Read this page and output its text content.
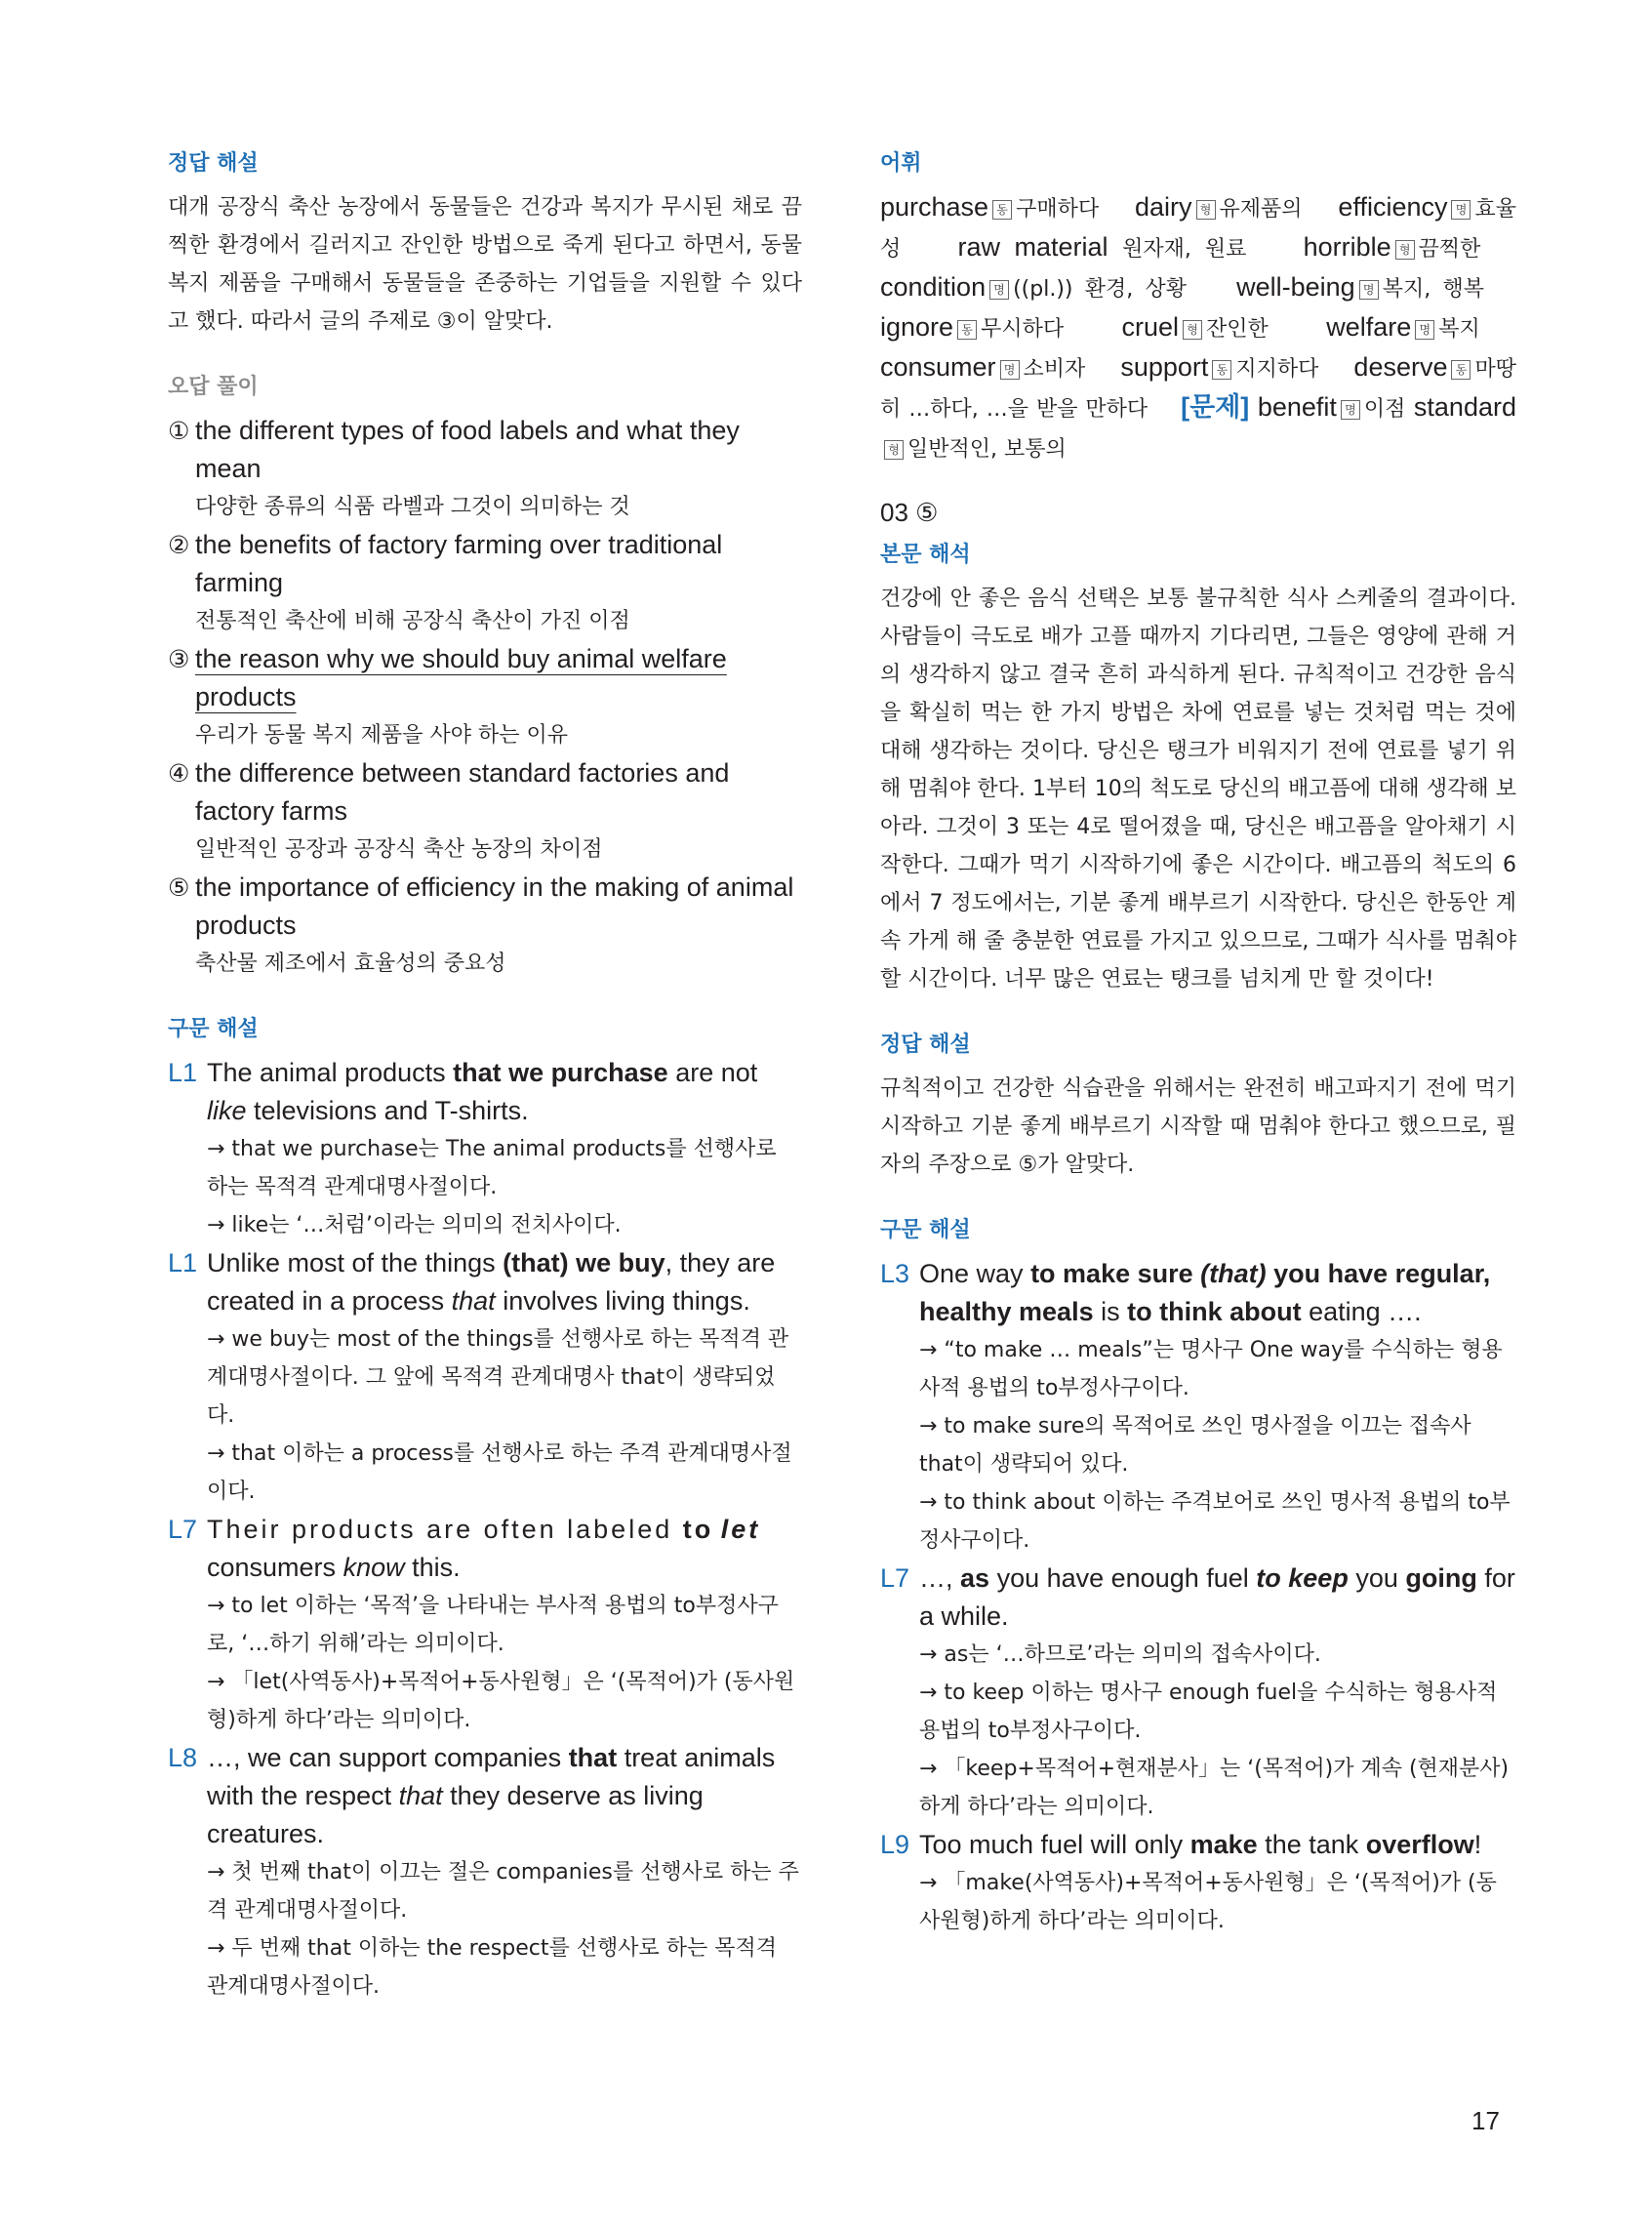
정답 해설
대개 공장식 축산 농장에서 동물들은 건강과 복지가 무시된 채로 끔찍한 환경에서 길러지고 잔인한 방법으로 죽게 된다고 하면서, 동물 복지 제품을 구매해서 동물들을 존중하는 기업들을 지원할 수 있다고 했다. 따라서 글의 주제로 ③이 알맞다.
오답 풀이
① the different types of food labels and what they mean
다양한 종류의 식품 라벨과 그것이 의미하는 것
② the benefits of factory farming over traditional farming
전통적인 축산에 비해 공장식 축산이 가진 이점
③ the reason why we should buy animal welfare products
우리가 동물 복지 제품을 사야 하는 이유
④ the difference between standard factories and factory farms
일반적인 공장과 공장식 축산 농장의 차이점
⑤ the importance of efficiency in the making of animal products
축산물 제조에서 효율성의 중요성
구문 해설
L1 The animal products that we purchase are not like televisions and T-shirts.
→ that we purchase는 The animal products를 선행사로 하는 목적격 관계대명사절이다.
→ like는 ‘…처럼’이라는 의미의 전치사이다.
L1 Unlike most of the things (that) we buy, they are created in a process that involves living things.
→ we buy는 most of the things를 선행사로 하는 목적격 관계대명사절이다. 그 앞에 목적격 관계대명사 that이 생략되었다.
→ that 이하는 a process를 선행사로 하는 주격 관계대명사절이다.
L7 Their products are often labeled to let consumers know this.
→ to let 이하는 ‘목적’을 나타내는 부사적 용법의 to부정사구로, ‘…하기 위해’라는 의미이다.
→ 「let(사역동사)+목적어+동사원형」은 ‘(목적어)가 (동사원형)하게 하다’라는 의미이다.
L8 …, we can support companies that treat animals with the respect that they deserve as living creatures.
→ 첫 번째 that이 이끄는 절은 companies를 선행사로 하는 주격 관계대명사절이다.
→ 두 번째 that 이하는 the respect를 선행사로 하는 목적격 관계대명사절이다.
어휘
purchase 동 구매하다 dairy 형 유제품의 efficiency 명 효율성 raw material 원자재, 원료 horrible 형 끔찍한    condition 명 ((pl.)) 환경, 상황 well-being 명 복지, 행복    ignore 동 무시하다 cruel 형 잔인한 welfare 명 복지    consumer 명 소비자 support 동 지지하다 deserve 동 마땅히 …하다, …을 받을 만하다 [문제] benefit 명 이점 standard형 일반적인, 보통의
03 ⑤
본문 해석
건강에 안 좋은 음식 선택은 보통 불규칙한 식사 스케줄의 결과이다. 사람들이 극도로 배가 고플 때까지 기다리면, 그들은 영양에 관해 거의 생각하지 않고 결국 흔히 과식하게 된다. 규칙적이고 건강한 음식을 확실히 먹는 한 가지 방법은 차에 연료를 넣는 것처럼 먹는 것에 대해 생각하는 것이다. 당신은 탱크가 비워지기 전에 연료를 넣기 위해 멈춰야 한다. 1부터 10의 척도로 당신의 배고픔에 대해 생각해 보아라. 그것이 3 또는 4로 떨어졌을 때, 당신은 배고픔을 알아채기 시작한다. 그때가 먹기 시작하기에 좋은 시간이다. 배고픔의 척도의 6에서 7 정도에서는, 기분 좋게 배부르기 시작한다. 당신은 한동안 계속 가게 해 줄 충분한 연료를 가지고 있으므로, 그때가 식사를 멈춰야 할 시간이다. 너무 많은 연료는 탱크를 넘치게 만 할 것이다!
정답 해설
규칙적이고 건강한 식습관을 위해서는 완전히 배고파지기 전에 먹기 시작하고 기분 좋게 배부르기 시작할 때 멈춰야 한다고 했으므로, 필자의 주장으로 ⑤가 알맞다.
구문 해설
L3 One way to make sure (that) you have regular, healthy meals is to think about eating ….
→ “to make … meals”는 명사구 One way를 수식하는 형용사적 용법의 to부정사구이다.
→ to make sure의 목적어로 쓰인 명사절을 이끄는 접속사 that이 생략되어 있다.
→ to think about 이하는 주격보어로 쓰인 명사적 용법의 to부정사구이다.
L7 …, as you have enough fuel to keep you going for a while.
→ as는 ‘…하므로’라는 의미의 접속사이다.
→ to keep 이하는 명사구 enough fuel을 수식하는 형용사적 용법의 to부정사구이다.
→ 「keep+목적어+현재분사」는 ‘(목적어)가 계속 (현재분사)하게 하다’라는 의미이다.
L9 Too much fuel will only make the tank overflow!
→ 「make(사역동사)+목적어+동사원형」은 ‘(목적어)가 (동사원형)하게 하다’라는 의미이다.
17
